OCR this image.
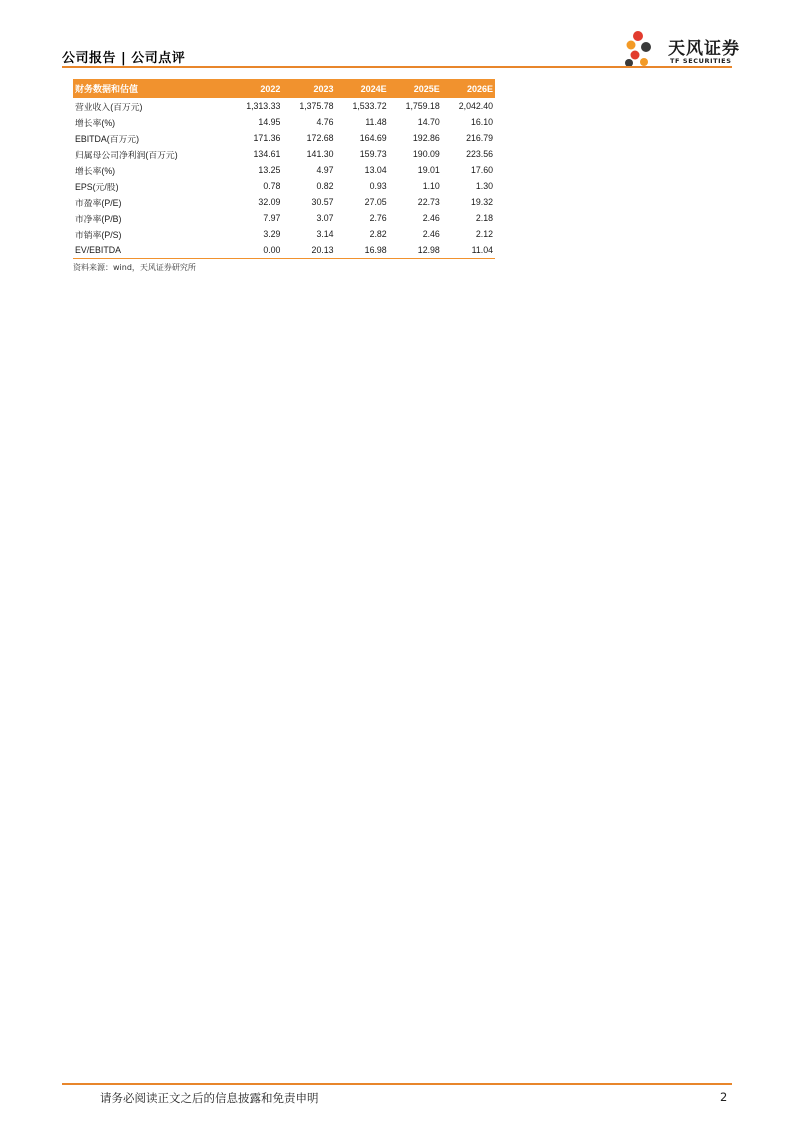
公司报告 | 公司点评	天风证券
TF SECURITIES
财务数据和估值	2022	2023	2024E	2025E	2026E
营业收入(百万元)	1,313.33	1,375.78	1,533.72	1,759.18	2,042.40
增长率(%)	14.95	4.76	11.48	14.70	16.10
EBITDA(百万元)	171.36	172.68	164.69	192.86	216.79
归属母公司净利润(百万元)	134.61	141.30	159.73	190.09	223.56
增长率(%)	13.25	4.97	13.04	19.01	17.60
EPS(元/股)	0.78	0.82	0.93	1.10	1.30
市盈率(P/E)	32.09	30.57	27.05	22.73	19.32
市净率(P/B)	7.97	3.07	2.76	2.46	2.18
市销率(P/S)	3.29	3.14	2.82	2.46	2.12
EV/EBITDA	0.00	20.13	16.98	12.98	11.04
资料来源：wind，天风证券研究所
请务必阅读正文之后的信息披露和免责申明	2
